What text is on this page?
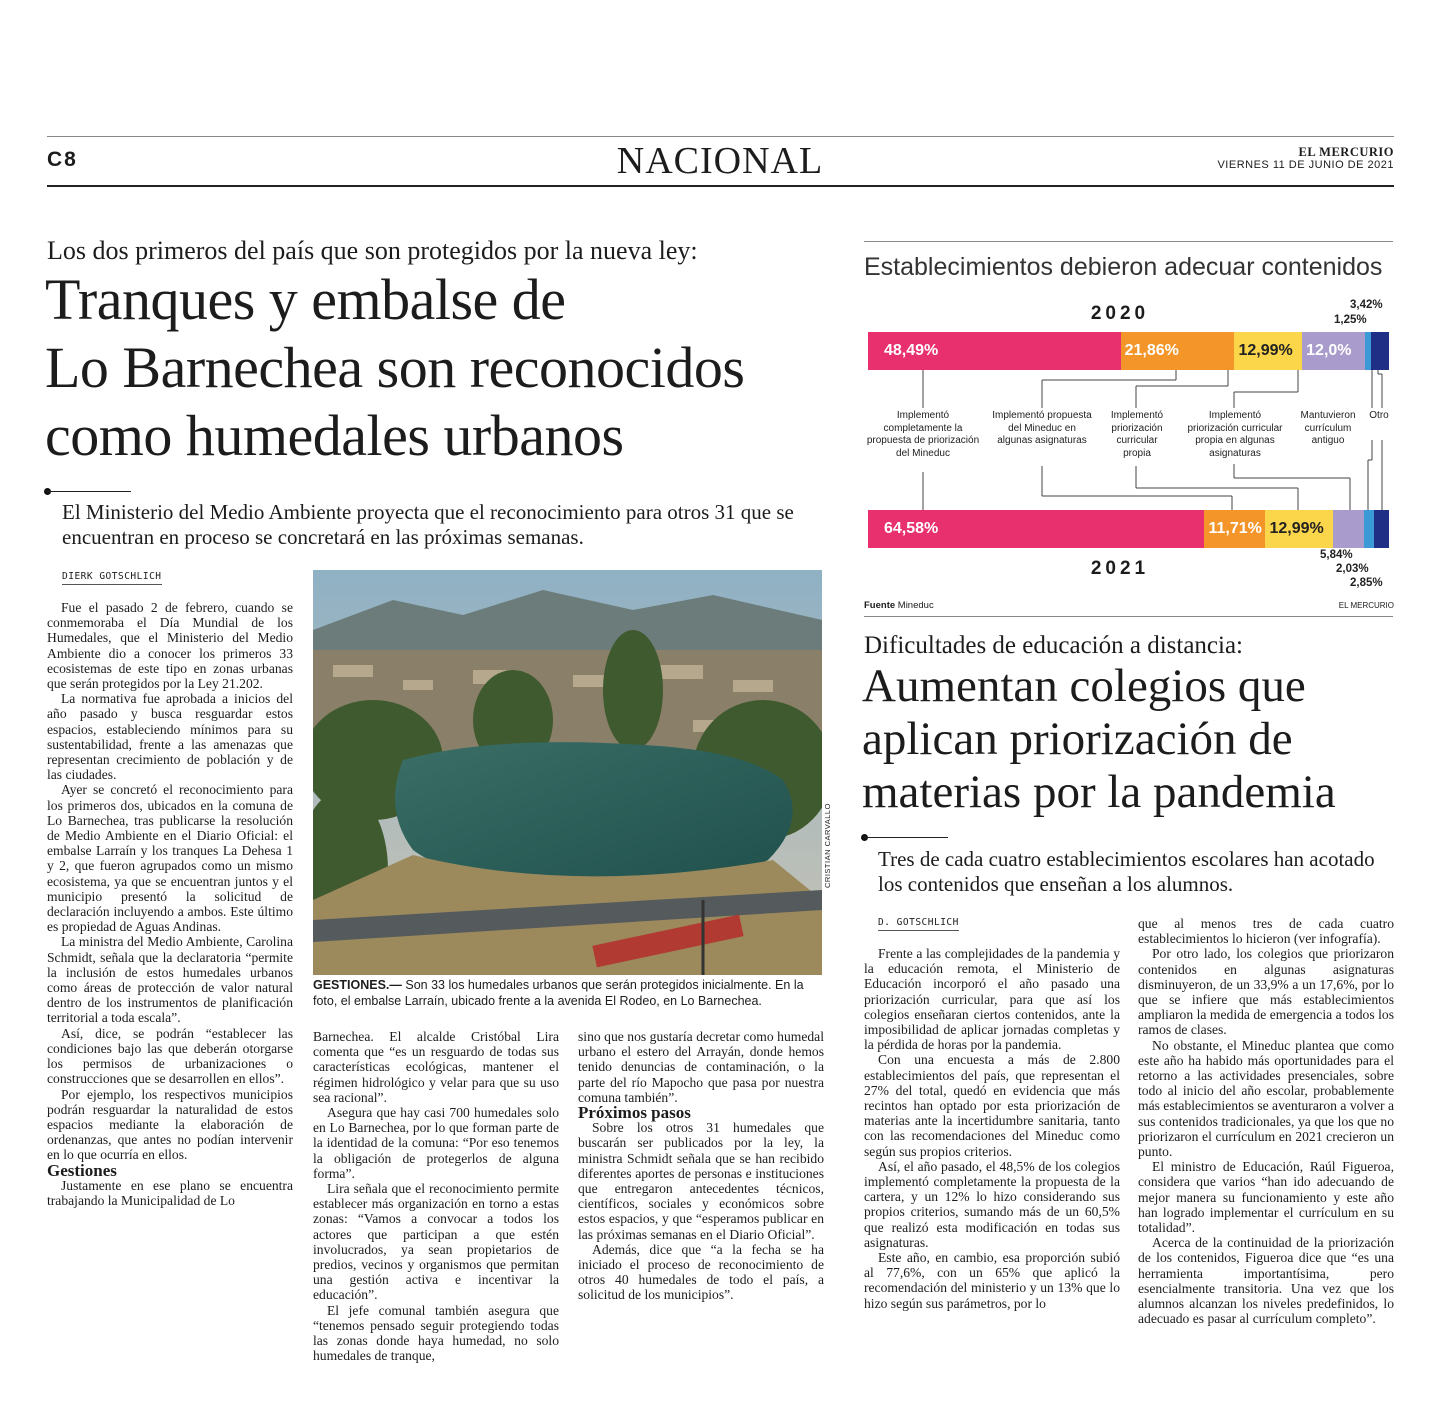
C8	NACIONAL	EL MERCURIO
VIERNES 11 DE JUNIO DE 2021
Los dos primeros del país que son protegidos por la nueva ley:
Tranques y embalse de
Lo Barnechea son reconocidos
como humedales urbanos
El Ministerio del Medio Ambiente proyecta que el reconocimiento para otros 31 que se encuentran en proceso se concretará en las próximas semanas.
DIERK GOTSCHLICH
CRISTIAN CARVALLO
GESTIONES.— Son 33 los humedales urbanos que serán protegidos inicialmente. En la foto, el embalse Larraín, ubicado frente a la avenida El Rodeo, en Lo Barnechea.

Fue el pasado 2 de febrero, cuando se conmemoraba el Día Mundial de los Humedales, que el Ministerio del Medio Ambiente dio a conocer los primeros 33 ecosistemas de este tipo en zonas urbanas que serán protegidos por la Ley 21.202.

La normativa fue aprobada a inicios del año pasado y busca resguardar estos espacios, estableciendo mínimos para su sustentabilidad, frente a las amenazas que representan crecimiento de población y de las ciudades.

Ayer se concretó el reconocimiento para los primeros dos, ubicados en la comuna de Lo Barnechea, tras publicarse la resolución de Medio Ambiente en el Diario Oficial: el embalse Larraín y los tranques La Dehesa 1 y 2, que fueron agrupados como un mismo ecosistema, ya que se encuentran juntos y el municipio presentó la solicitud de declaración incluyendo a ambos. Este último es propiedad de Aguas Andinas.

La ministra del Medio Ambiente, Carolina Schmidt, señala que la declaratoria “permite la inclusión de estos humedales urbanos como áreas de protección de valor natural dentro de los instrumentos de planificación territorial a toda escala”.

Así, dice, se podrán “establecer las condiciones bajo las que deberán otorgarse los permisos de urbanizaciones o construcciones que se desarrollen en ellos”.

Por ejemplo, los respectivos municipios podrán resguardar la naturalidad de estos espacios mediante la elaboración de ordenanzas, que antes no podían intervenir en lo que ocurría en ellos.

Gestiones

Justamente en ese plano se encuentra trabajando la Municipalidad de Lo

Barnechea. El alcalde Cristóbal Lira comenta que “es un resguardo de todas sus características ecológicas, mantener el régimen hidrológico y velar para que su uso sea racional”.

Asegura que hay casi 700 humedales solo en Lo Barnechea, por lo que forman parte de la identidad de la comuna: “Por eso tenemos la obligación de protegerlos de alguna forma”.

Lira señala que el reconocimiento permite establecer más organización en torno a estas zonas: “Vamos a convocar a todos los actores que participan a que estén involucrados, ya sean propietarios de predios, vecinos y organismos que permitan una gestión activa e incentivar la educación”.

El jefe comunal también asegura que “tenemos pensado seguir protegiendo todas las zonas donde haya humedad, no solo humedales de tranque,

sino que nos gustaría decretar como humedal urbano el estero del Arrayán, donde hemos tenido denuncias de contaminación, o la parte del río Mapocho que pasa por nuestra comuna también”.

Próximos pasos

Sobre los otros 31 humedales que buscarán ser publicados por la ley, la ministra Schmidt señala que se han recibido diferentes aportes de personas e instituciones que entregaron antecedentes técnicos, científicos, sociales y económicos sobre estos espacios, y que “esperamos publicar en las próximas semanas en el Diario Oficial”.

Además, dice que “a la fecha se ha iniciado el proceso de reconocimiento de otros 40 humedales de todo el país, a solicitud de los municipios”.

Establecimientos debieron adecuar contenidos
2020
48,49%	21,86%	12,99% 12,0%
3,42%
1,25%
Implementó completamente la propuesta de priorización del Mineduc
Implementó propuesta del Mineduc en algunas asignaturas
Implementó priorización curricular propia
Implementó priorización curricular propia en algunas asignaturas
Mantuvieron currículum antiguo
Otro
64,58%	11,71% 12,99%
2021
5,84%
2,03%
2,85%
Fuente Mineduc	EL MERCURIO
Dificultades de educación a distancia:
Aumentan colegios que
aplican priorización de
materias por la pandemia
Tres de cada cuatro establecimientos escolares han acotado los contenidos que enseñan a los alumnos.
D. GOTSCHLICH

Frente a las complejidades de la pandemia y la educación remota, el Ministerio de Educación incorporó el año pasado una priorización curricular, para que así los colegios enseñaran ciertos contenidos, ante la imposibilidad de aplicar jornadas completas y la pérdida de horas por la pandemia.

Con una encuesta a más de 2.800 establecimientos del país, que representan el 27% del total, quedó en evidencia que más recintos han optado por esta priorización de materias ante la incertidumbre sanitaria, tanto con las recomendaciones del Mineduc como según sus propios criterios.

Así, el año pasado, el 48,5% de los colegios implementó completamente la propuesta de la cartera, y un 12% lo hizo considerando sus propios criterios, sumando más de un 60,5% que realizó esta modificación en todas sus asignaturas.

Este año, en cambio, esa proporción subió al 77,6%, con un 65% que aplicó la recomendación del ministerio y un 13% que lo hizo según sus parámetros, por lo

que al menos tres de cada cuatro establecimientos lo hicieron (ver infografía).

Por otro lado, los colegios que priorizaron contenidos en algunas asignaturas disminuyeron, de un 33,9% a un 17,6%, por lo que se infiere que más establecimientos ampliaron la medida de emergencia a todos los ramos de clases.

No obstante, el Mineduc plantea que como este año ha habido más oportunidades para el retorno a las actividades presenciales, sobre todo al inicio del año escolar, probablemente más establecimientos se aventuraron a volver a sus contenidos tradicionales, ya que los que no priorizaron el currículum en 2021 crecieron un punto.

El ministro de Educación, Raúl Figueroa, considera que varios “han ido adecuando de mejor manera su funcionamiento y este año han logrado implementar el currículum en su totalidad”.

Acerca de la continuidad de la priorización de los contenidos, Figueroa dice que “es una herramienta importantísima, pero esencialmente transitoria. Una vez que los alumnos alcanzan los niveles predefinidos, lo adecuado es pasar al currículum completo”.
